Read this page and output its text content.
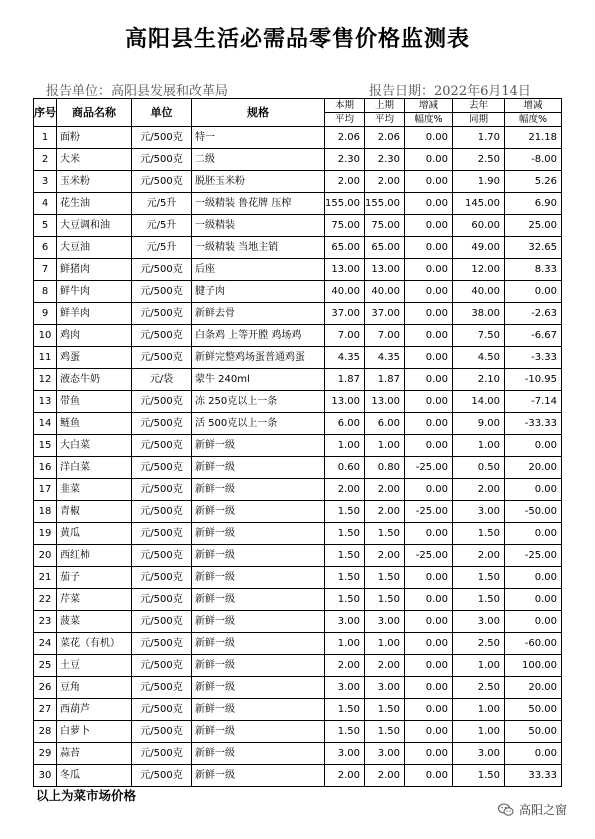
高阳县生活必需品零售价格监测表
报告单位：高阳县发展和改革局	报告日期：2022年6月14日
序号	商品名称	单位	规格	本期	上期	增减	去年	增减
				平均	平均	幅度%	同期	幅度%
1	面粉	元/500克	特一	2.06	2.06	0.00	1.70	21.18
2	大米	元/500克	二级	2.30	2.30	0.00	2.50	-8.00
3	玉米粉	元/500克	脱胚玉米粉	2.00	2.00	0.00	1.90	5.26
4	花生油	元/5升	一级精装 鲁花牌 压榨	155.00	155.00	0.00	145.00	6.90
5	大豆调和油	元/5升	一级精装	75.00	75.00	0.00	60.00	25.00
6	大豆油	元/5升	一级精装 当地主销	65.00	65.00	0.00	49.00	32.65
7	鲜猪肉	元/500克	后座	13.00	13.00	0.00	12.00	8.33
8	鲜牛肉	元/500克	腱子肉	40.00	40.00	0.00	40.00	0.00
9	鲜羊肉	元/500克	新鲜去骨	37.00	37.00	0.00	38.00	-2.63
10	鸡肉	元/500克	白条鸡 上等开膛 鸡场鸡	7.00	7.00	0.00	7.50	-6.67
11	鸡蛋	元/500克	新鲜完整鸡场蛋普通鸡蛋	4.35	4.35	0.00	4.50	-3.33
12	液态牛奶	元/袋	蒙牛 240ml	1.87	1.87	0.00	2.10	-10.95
13	带鱼	元/500克	冻 250克以上一条	13.00	13.00	0.00	14.00	-7.14
14	鲢鱼	元/500克	活 500克以上一条	6.00	6.00	0.00	9.00	-33.33
15	大白菜	元/500克	新鲜一级	1.00	1.00	0.00	1.00	0.00
16	洋白菜	元/500克	新鲜一级	0.60	0.80	-25.00	0.50	20.00
17	韭菜	元/500克	新鲜一级	2.00	2.00	0.00	2.00	0.00
18	青椒	元/500克	新鲜一级	1.50	2.00	-25.00	3.00	-50.00
19	黄瓜	元/500克	新鲜一级	1.50	1.50	0.00	1.50	0.00
20	西红柿	元/500克	新鲜一级	1.50	2.00	-25.00	2.00	-25.00
21	茄子	元/500克	新鲜一级	1.50	1.50	0.00	1.50	0.00
22	芹菜	元/500克	新鲜一级	1.50	1.50	0.00	1.50	0.00
23	菠菜	元/500克	新鲜一级	3.00	3.00	0.00	3.00	0.00
24	菜花（有机）	元/500克	新鲜一级	1.00	1.00	0.00	2.50	-60.00
25	土豆	元/500克	新鲜一级	2.00	2.00	0.00	1.00	100.00
26	豆角	元/500克	新鲜一级	3.00	3.00	0.00	2.50	20.00
27	西葫芦	元/500克	新鲜一级	1.50	1.50	0.00	1.00	50.00
28	白萝卜	元/500克	新鲜一级	1.50	1.50	0.00	1.00	50.00
29	蒜苔	元/500克	新鲜一级	3.00	3.00	0.00	3.00	0.00
30	冬瓜	元/500克	新鲜一级	2.00	2.00	0.00	1.50	33.33
以上为菜市场价格
高阳之窗
